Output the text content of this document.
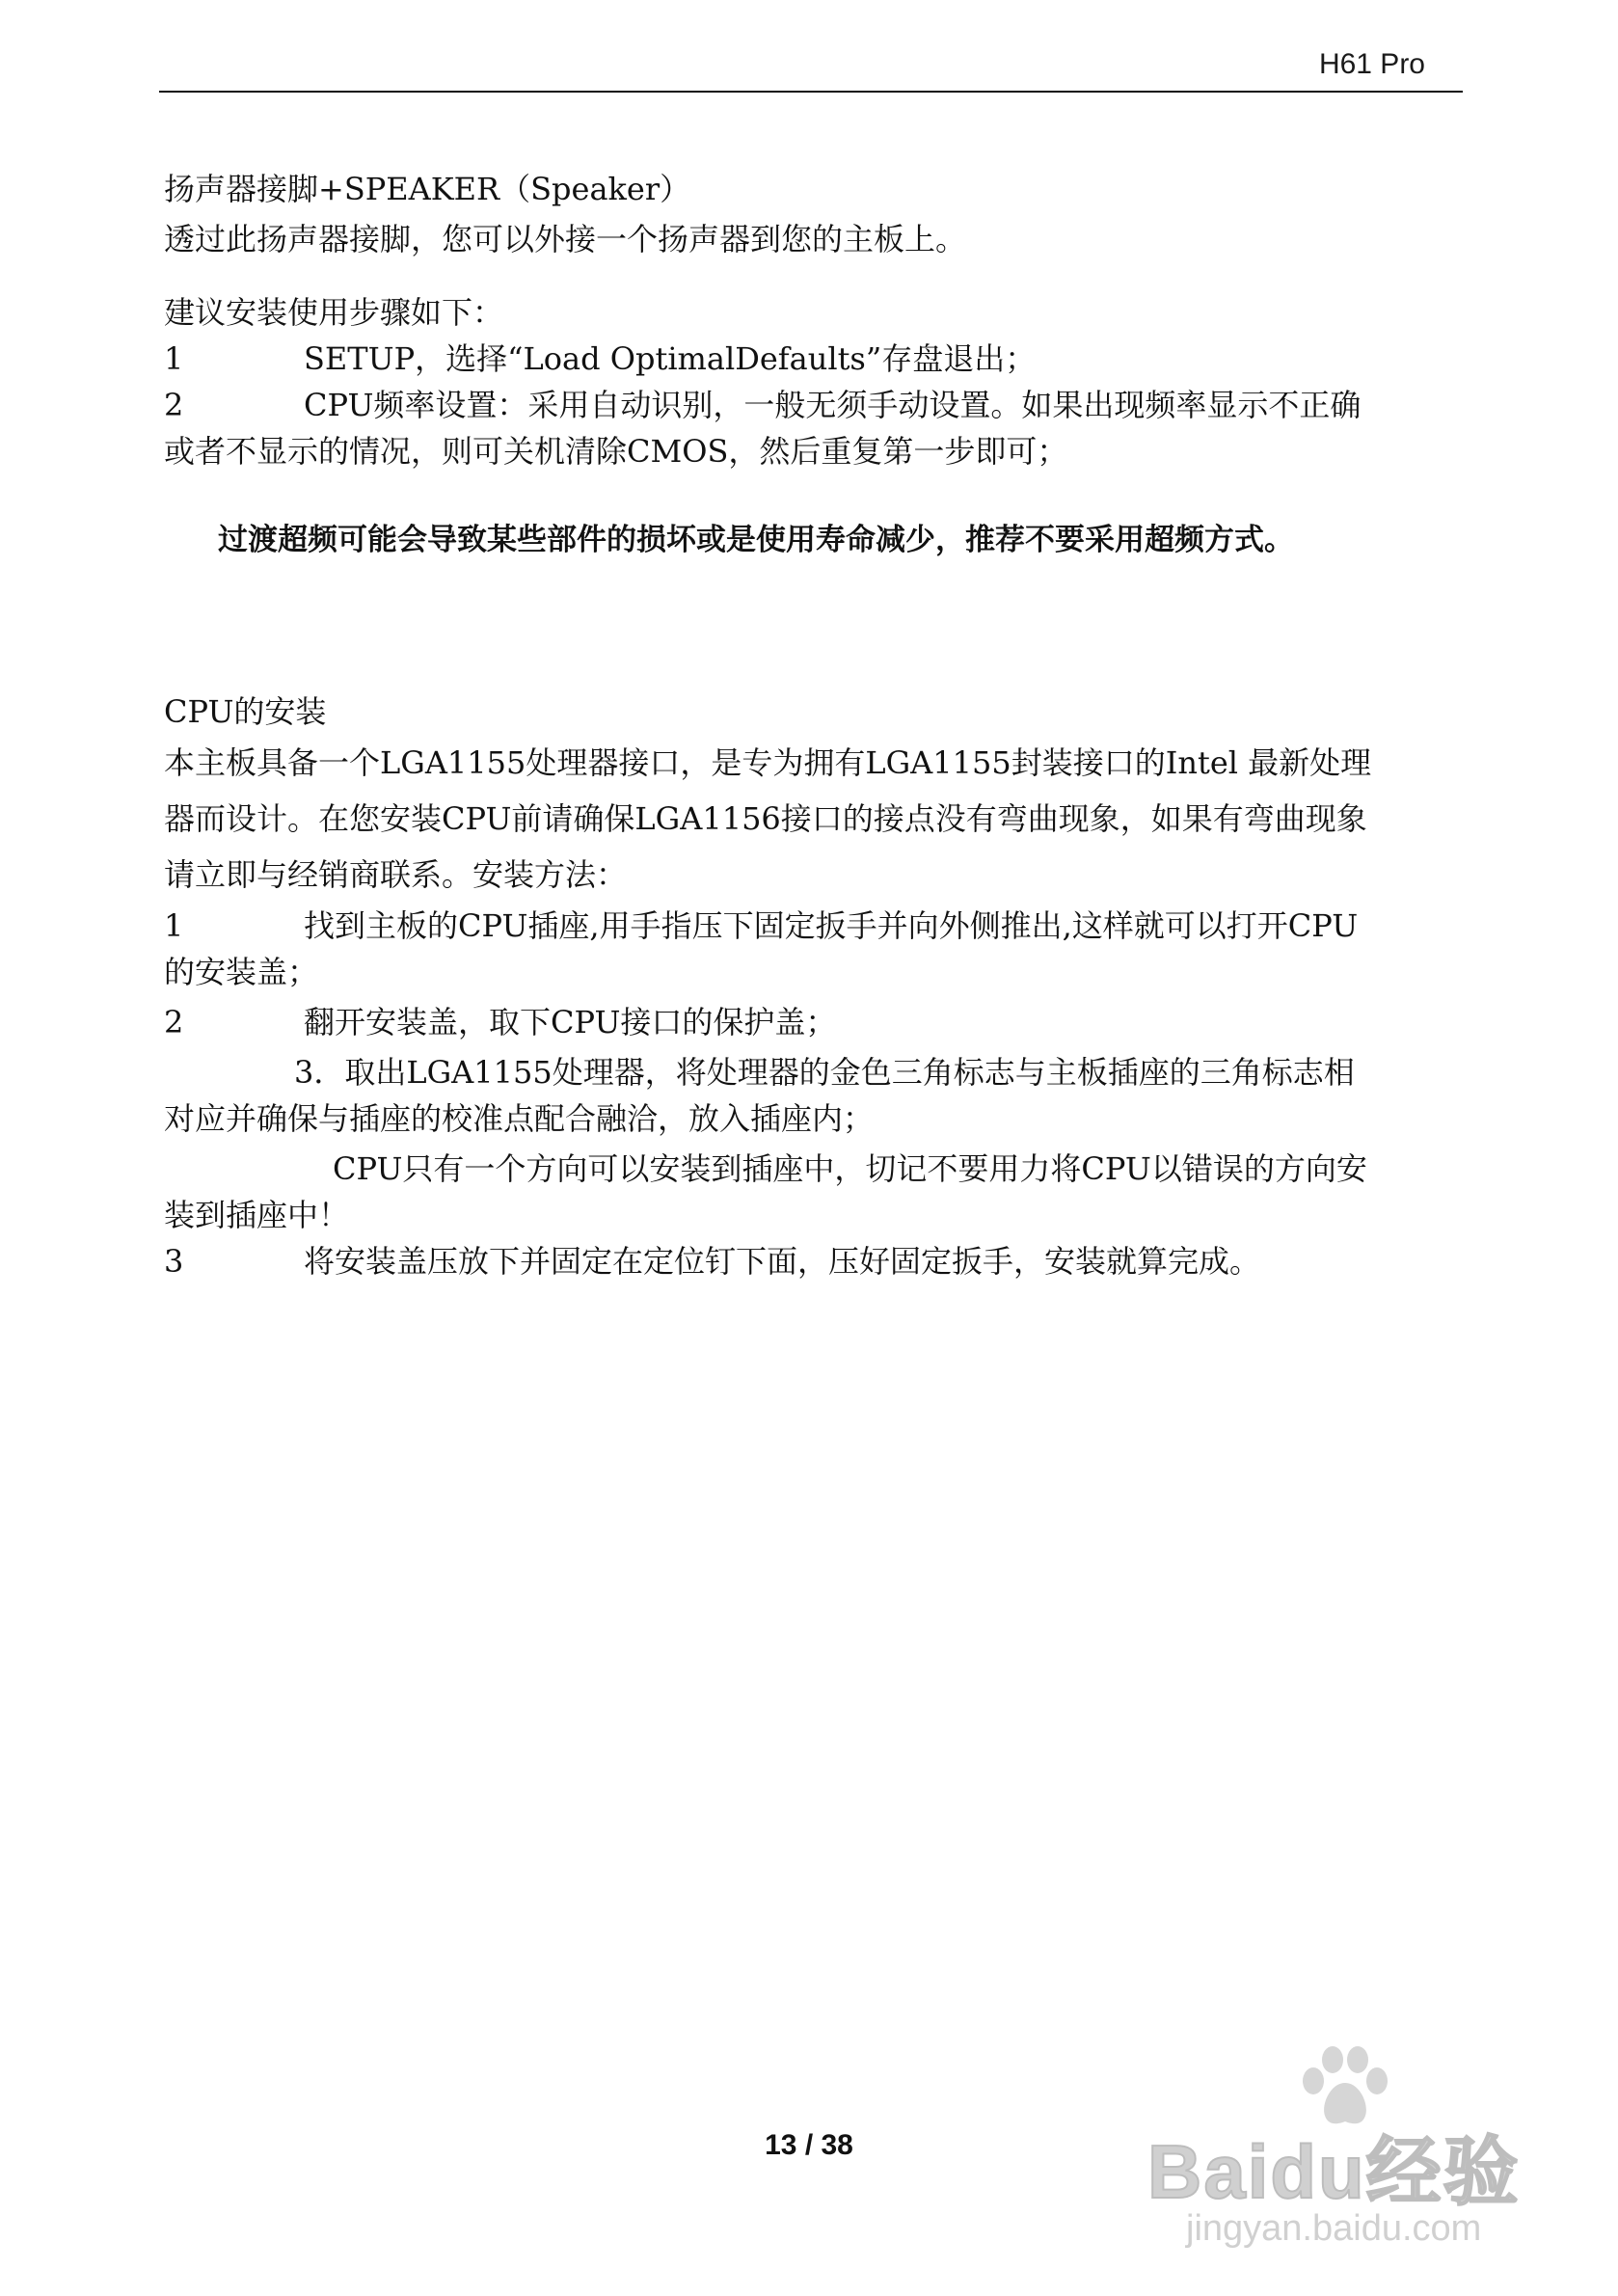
H61 Pro
扬声器接脚+SPEAKER（Speaker）
透过此扬声器接脚，您可以外接一个扬声器到您的主板上。
建议安装使用步骤如下：
1	SETUP，选择“Load OptimalDefaults”存盘退出；
2	CPU频率设置：采用自动识别，一般无须手动设置。如果出现频率显示不正确
或者不显示的情况，则可关机清除CMOS，然后重复第一步即可；
过渡超频可能会导致某些部件的损坏或是使用寿命减少，推荐不要采用超频方式。
CPU的安装
本主板具备一个LGA1155处理器接口，是专为拥有LGA1155封装接口的Intel 最新处理
器而设计。在您安装CPU前请确保LGA1156接口的接点没有弯曲现象，如果有弯曲现象
请立即与经销商联系。安装方法：
1	找到主板的CPU插座,用手指压下固定扳手并向外侧推出,这样就可以打开CPU
的安装盖；
2	翻开安装盖，取下CPU接口的保护盖；
3．取出LGA1155处理器，将处理器的金色三角标志与主板插座的三角标志相
对应并确保与插座的校准点配合融洽，放入插座内；
CPU只有一个方向可以安装到插座中，切记不要用力将CPU以错误的方向安
装到插座中！
3	将安装盖压放下并固定在定位钉下面，压好固定扳手，安装就算完成。
13 / 38	Baidu经验
jingyan.baidu.com
